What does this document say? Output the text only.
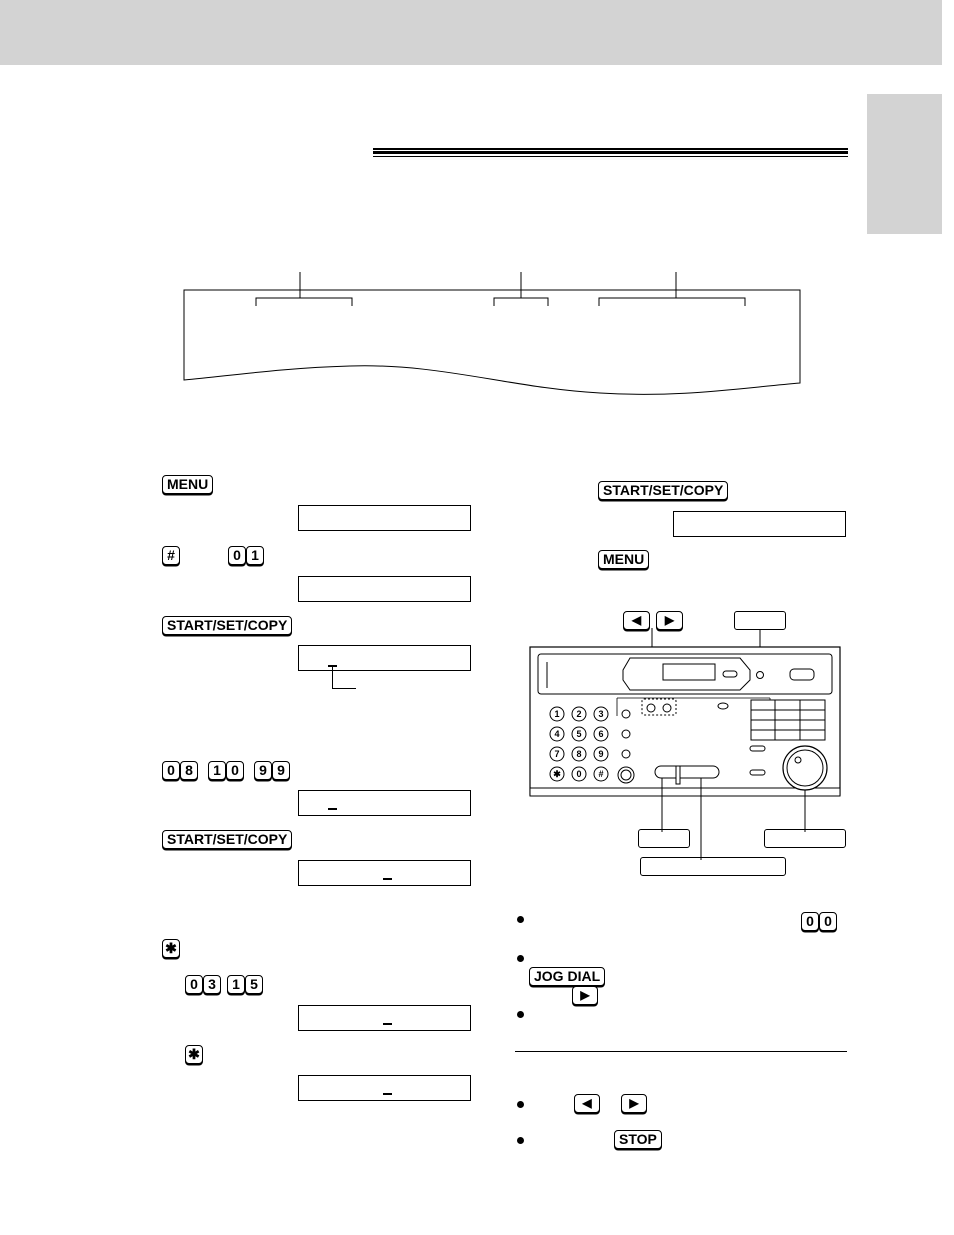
MENU
#	0 1
START/SET/COPY
0 8	1 0	9 9
START/SET/COPY
✱
0 3	1 5
✱
START/SET/COPY
MENU
◀	▶
1 2 3
4 5 6
7 8 9
✱ 0 #
0 0
JOG DIAL
▶
◀	▶
STOP
